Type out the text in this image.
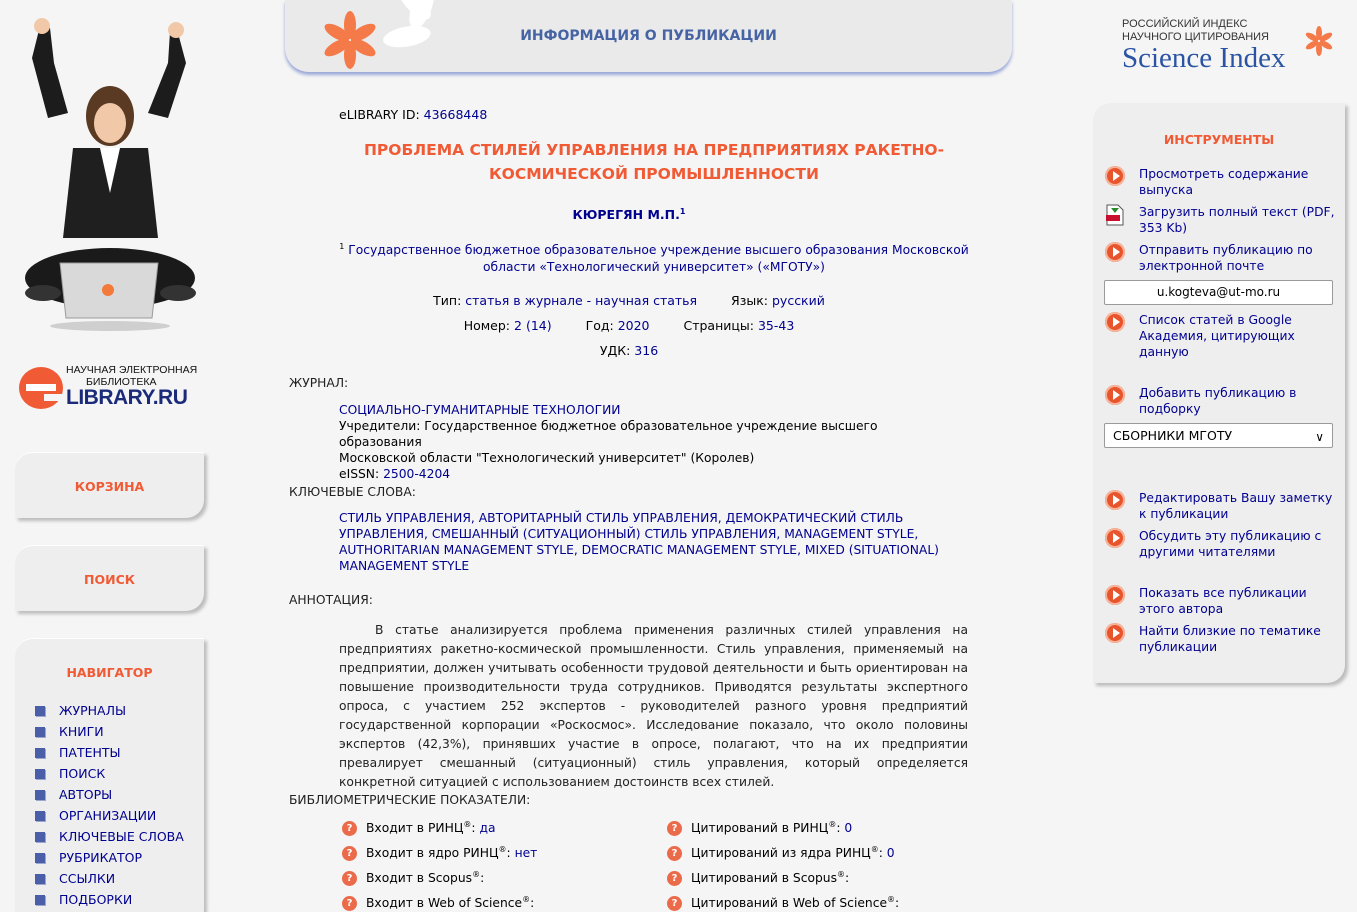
НАУЧНАЯ ЭЛЕКТРОННАЯ
БИБЛИОТЕКА
LIBRARY.RU
КОРЗИНА
ПОИСК
НАВИГАТОР
ЖУРНАЛЫ
КНИГИ
ПАТЕНТЫ
ПОИСК
АВТОРЫ
ОРГАНИЗАЦИИ
КЛЮЧЕВЫЕ СЛОВА
РУБРИКАТОР
ССЫЛКИ
ПОДБОРКИ
ИНФОРМАЦИЯ О ПУБЛИКАЦИИ
РОССИЙСКИЙ ИНДЕКС
НАУЧНОГО ЦИТИРОВАНИЯ
Science Index
eLIBRARY ID: 43668448
ПРОБЛЕМА СТИЛЕЙ УПРАВЛЕНИЯ НА ПРЕДПРИЯТИЯХ РАКЕТНО-
КОСМИЧЕСКОЙ ПРОМЫШЛЕННОСТИ
КЮРЕГЯН М.П.$^1$
$^1$ Государственное бюджетное образовательное учреждение высшего образования Московской
области «Технологический университет» («МГОТУ»)
Тип: статья в журнале - научная статья	Язык: русский
Номер: 2 (14)	Год: 2020	Страницы: 35-43
УДК: 316
ЖУРНАЛ:
СОЦИАЛЬНО-ГУМАНИТАРНЫЕ ТЕХНОЛОГИИ
Учредители: Государственное бюджетное образовательное учреждение высшего образования
Московской области "Технологический университет" (Королев)
eISSN: 2500-4204
КЛЮЧЕВЫЕ СЛОВА:
СТИЛЬ УПРАВЛЕНИЯ, АВТОРИТАРНЫЙ СТИЛЬ УПРАВЛЕНИЯ, ДЕМОКРАТИЧЕСКИЙ СТИЛЬ
УПРАВЛЕНИЯ, СМЕШАННЫЙ (СИТУАЦИОННЫЙ) СТИЛЬ УПРАВЛЕНИЯ, MANAGEMENT STYLE,
AUTHORITARIAN MANAGEMENT STYLE, DEMOCRATIC MANAGEMENT STYLE, MIXED (SITUATIONAL)
MANAGEMENT STYLE
АННОТАЦИЯ:
В статье анализируется проблема применения различных стилей управления на предприятиях ракетно-космической промышленности. Стиль управления, применяемый на предприятии, должен учитывать особенности трудовой деятельности и быть ориентирован на повышение производительности труда сотрудников. Приводятся результаты экспертного опроса, с участием 252 экспертов - руководителей разного уровня предприятий государственной корпорации «Роскосмос». Исследование показало, что около половины экспертов (42,3%), принявших участие в опросе, полагают, что на их предприятии превалирует смешанный (ситуационный) стиль управления, который определяется конкретной ситуацией с использованием достоинств всех стилей.
БИБЛИОМЕТРИЧЕСКИЕ ПОКАЗАТЕЛИ:
? Входит в РИНЦ®: да	? Цитирований в РИНЦ®: 0
? Входит в ядро РИНЦ®: нет	? Цитирований из ядра РИНЦ®: 0
? Входит в Scopus®:	? Цитирований в Scopus®:
? Входит в Web of Science®:	? Цитирований в Web of Science®:
ИНСТРУМЕНТЫ
Просмотреть содержание выпуска
Загрузить полный текст (PDF, 353 Kb)
Отправить публикацию по электронной почте
u.kogteva@ut-mo.ru
Список статей в Google Академия, цитирующих данную
Добавить публикацию в подборку
СБОРНИКИ МГОТУ	∨
Редактировать Вашу заметку к публикации
Обсудить эту публикацию с другими читателями
Показать все публикации этого автора
Найти близкие по тематике публикации
